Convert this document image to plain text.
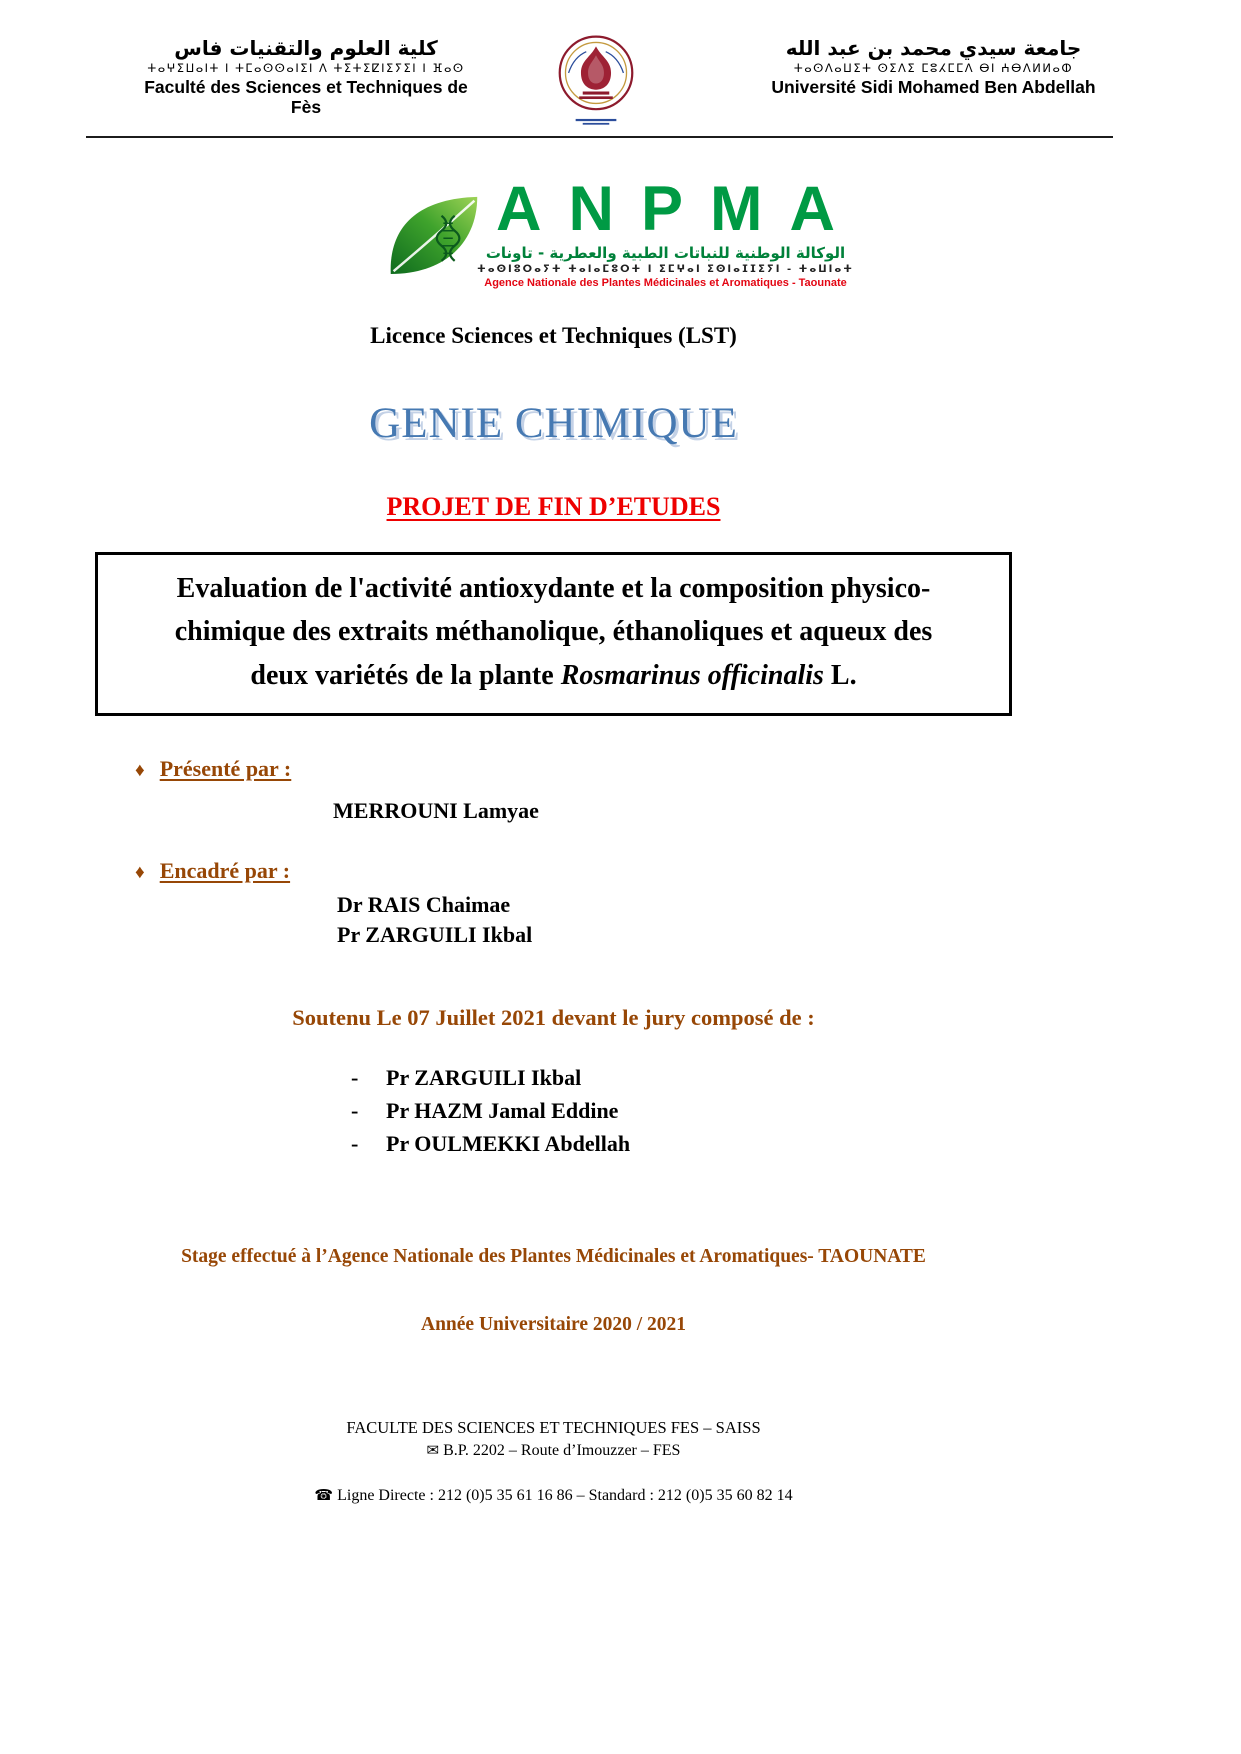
كلية العلوم والتقنيات فاس
ⵜⴰⵖⵉⵡⴰⵏⵜ ⵏ ⵜⵎⴰⵙⵙⴰⵏⵉⵏ ⴷ ⵜⵉⵜⵉⵇⵏⵉⵢⵉⵏ ⵏ ⴼⴰⵙ
Faculté des Sciences et Techniques de Fès
جامعة سيدي محمد بن عبد الله
ⵜⴰⵙⴷⴰⵡⵉⵜ ⵙⵉⴷⵉ ⵎⵓⵃⵎⵎⴷ ⴱⵏ ⵄⴱⴷⵍⵍⴰⵀ
Université Sidi Mohamed Ben Abdellah
ANPMA
الوكالة الوطنية للنباتات الطبية والعطرية - تاونات
ⵜⴰⵙⵏⵓⵔⴰⵢⵜ ⵜⴰⵏⴰⵎⵓⵔⵜ ⵏ ⵉⵎⵖⴰⵏ ⵉⵙⵏⴰⵊⵊⵉⵢⵏ - ⵜⴰⵡⵏⴰⵜ
Agence Nationale des Plantes Médicinales et Aromatiques - Taounate
Licence Sciences et Techniques (LST)
GENIE CHIMIQUE
PROJET DE FIN D’ETUDES
Evaluation de l'activité antioxydante et la composition physico-
chimique des extraits méthanolique, éthanoliques et aqueux des
deux variétés de la plante Rosmarinus officinalis L.
♦ Présenté par :
MERROUNI Lamyae
♦ Encadré par :
Dr RAIS Chaimae
Pr ZARGUILI Ikbal
Soutenu Le 07 Juillet 2021 devant le jury composé de :
-	Pr ZARGUILI Ikbal
-	Pr HAZM Jamal Eddine
-	Pr OULMEKKI Abdellah
Stage effectué à l’Agence Nationale des Plantes Médicinales et Aromatiques- TAOUNATE
Année Universitaire 2020 / 2021
FACULTE DES SCIENCES ET TECHNIQUES FES – SAISS
✉ B.P. 2202 – Route d’Imouzzer – FES
☎ Ligne Directe : 212 (0)5 35 61 16 86 – Standard : 212 (0)5 35 60 82 14
